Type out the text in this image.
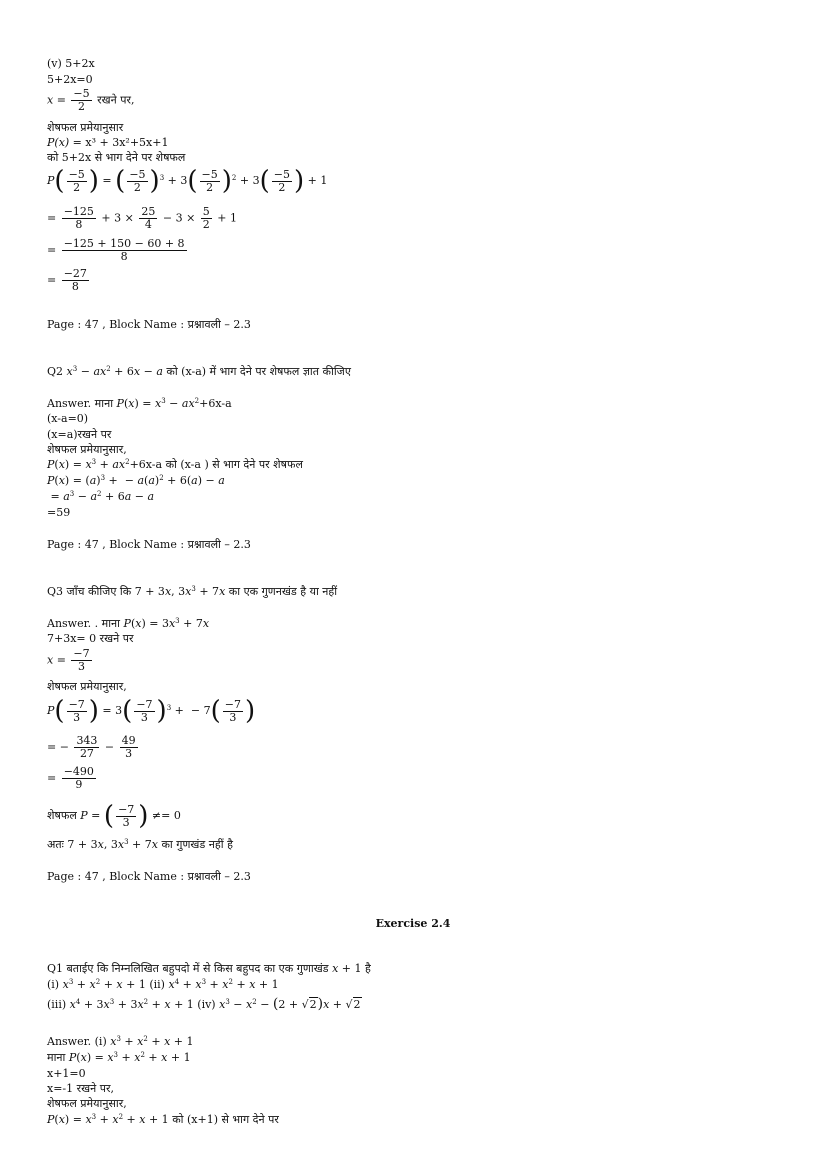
(v) 5+2x
5+2x=0
$x = \frac{-5}{2}$ रखने पर,
शेषफल प्रमेयानुसार
P(x) = x³ + 3x²+5x+1
को 5+2x से भाग देने पर शेषफल
$P( \frac{-5}{2}$ ) = ( $\frac{-5}{2} )^3 + 3( \frac{-5}{2} )^2 + 3( \frac{-5}{2}$ ) + 1
= $\frac{-125}{8} + 3 \times \frac{25}{4} - 3 \times \frac{5}{2} + 1$
= $\frac{-125 + 150 - 60 + 8}{8}$
= $\frac{-27}{8}$
Page : 47 , Block Name : प्रश्नावली – 2.3
Q2 $x^3 - ax^2 + 6x - a$ को (x-a) में भाग देने पर शेषफल ज्ञात कीजिए
Answer. माना $P(x) = x^3 - ax^2+6x-a$
(x-a=0)
(x=a)रखने पर
शेषफल प्रमेयानुसार,
$P(x) = x^3 + ax^2+6x-a$ को (x-a ) से भाग देने पर शेषफल
$P(x) = (a)^3$ +  − $a(a)^2 + 6(a) - a$
= $a^3 - a^2 + 6a - a$
=59
Page : 47 , Block Name : प्रश्नावली – 2.3
Q3 जाँच कीजिए कि 7 + 3x, $3x^3 + 7x$ का एक गुणनखंड है या नहीं
Answer. . माना $P(x) = 3x^3 + 7x$
7+3x= 0 रखने पर
$x = \frac{-7}{3}$
शेषफल प्रमेयानुसार,
$P( \frac{-7}{3}$ ) = $3( \frac{-7}{3} )^3$ +  − $7( \frac{-7}{3}$ )
= − $\frac{343}{27} - \frac{49}{3}$
= $\frac{-490}{9}$
शेषफल P = ( $\frac{-7}{3}$ ) ≠= 0
अतः 7 + 3x, $3x^3 + 7x$ का गुणखंड नहीं है
Page : 47 , Block Name : प्रश्नावली – 2.3
Exercise 2.4
Q1 बताईए कि निम्नलिखित बहुपदो में से किस बहुपद का एक गुणाखंड x + 1 है
(i) $x^3 + x^2 + x + 1$ (ii) $x^4 + x^3 + x^2 + x + 1$
(iii) $x^4 + 3x^3 + 3x^2 + x + 1$ (iv) $x^3 - x^2 - (2 + √2)x + √2$
Answer. (i) $x^3 + x^2 + x + 1$
माना $P(x) = x^3 + x^2 + x + 1$
x+1=0
x=-1 रखने पर,
शेषफल प्रमेयानुसार,
$P(x) = x^3 + x^2 + x + 1$ को (x+1) से भाग देने पर
